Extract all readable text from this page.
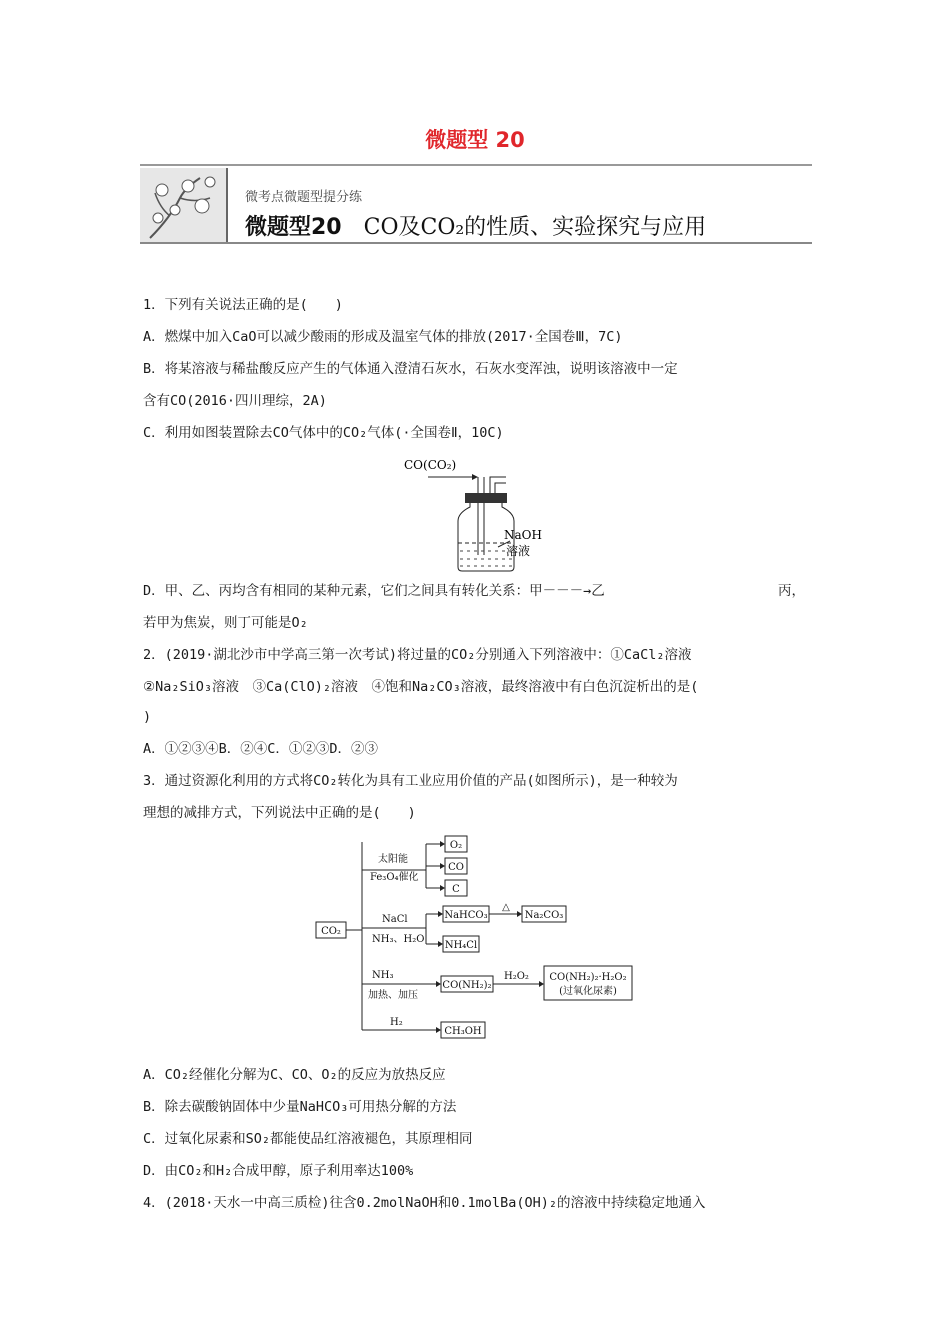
微题型 20
微考点微题型提分练
微题型20 CO及CO₂的性质、实验探究与应用
1．下列有关说法正确的是(　　)
A．燃煤中加入CaO可以减少酸雨的形成及温室气体的排放(2017·全国卷Ⅲ，7C)
B．将某溶液与稀盐酸反应产生的气体通入澄清石灰水，石灰水变浑浊，说明该溶液中一定
含有CO(2016·四川理综，2A)
C．利用如图装置除去CO气体中的CO₂气体(·全国卷Ⅱ，10C)
CO(CO₂)
NaOH
溶液
D．甲、乙、丙均含有相同的某种元素，它们之间具有转化关系：甲－－－→乙	丙，
若甲为焦炭，则丁可能是O₂
2．(2019·湖北沙市中学高三第一次考试)将过量的CO₂分别通入下列溶液中：①CaCl₂溶液
②Na₂SiO₃溶液　③Ca(ClO)₂溶液　④饱和Na₂CO₃溶液，最终溶液中有白色沉淀析出的是(
)
A．①②③④B．②④C．①②③D．②③
3．通过资源化利用的方式将CO₂转化为具有工业应用价值的产品(如图所示)，是一种较为
理想的减排方式，下列说法中正确的是(　　)
CO₂
太阳能
Fe₃O₄催化
O₂
CO
C
NaCl
NH₃、H₂O
NaHCO₃
NH₄Cl
△
Na₂CO₃
NH₃
加热、加压
CO(NH₂)₂
H₂O₂ CO(NH₂)₂·H₂O₂
(过氧化尿素)
H₂
CH₃OH
A．CO₂经催化分解为C、CO、O₂的反应为放热反应
B．除去碳酸钠固体中少量NaHCO₃可用热分解的方法
C．过氧化尿素和SO₂都能使品红溶液褪色，其原理相同
D．由CO₂和H₂合成甲醇，原子利用率达100%
4．(2018·天水一中高三质检)往含0.2molNaOH和0.1molBa(OH)₂的溶液中持续稳定地通入
